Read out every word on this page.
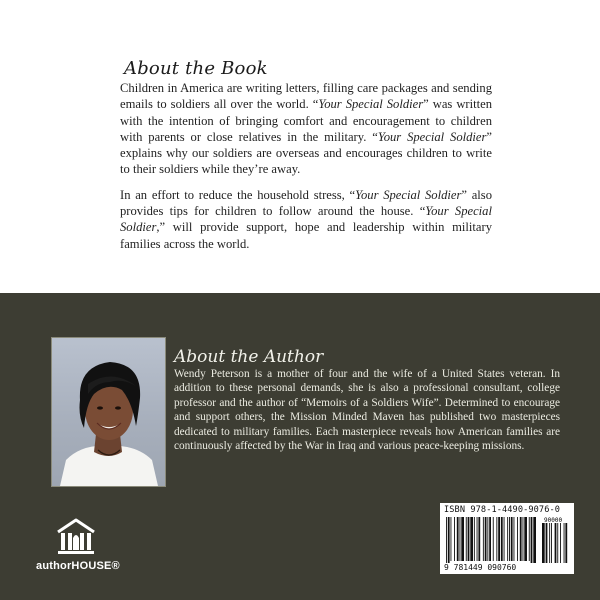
About the Book

Children in America are writing letters, filling care packages and sending emails to soldiers all over the world. “Your Special Soldier” was written with the intention of bringing comfort and encouragement to children with parents or close relatives in the military. “Your Special Soldier” explains why our soldiers are overseas and encourages children to write to their soldiers while they’re away.

In an effort to reduce the household stress, “Your Special Soldier” also provides tips for children to follow around the house. “Your Special Soldier,” will provide support, hope and leadership within military families across the world.

About the Author
Wendy Peterson is a mother of four and the wife of a United States veteran. In addition to these personal demands, she is also a professional consultant, college professor and the author of “Memoirs of a Soldiers Wife”. Determined to encourage and support others, the Mission Minded Maven has published two masterpieces dedicated to military families. Each masterpiece reveals how American families are continuously affected by the War in Iraq and various peace-keeping missions.
authorHOUSE®
ISBN 978-1-4490-9076-0
90000
9 781449 090760
